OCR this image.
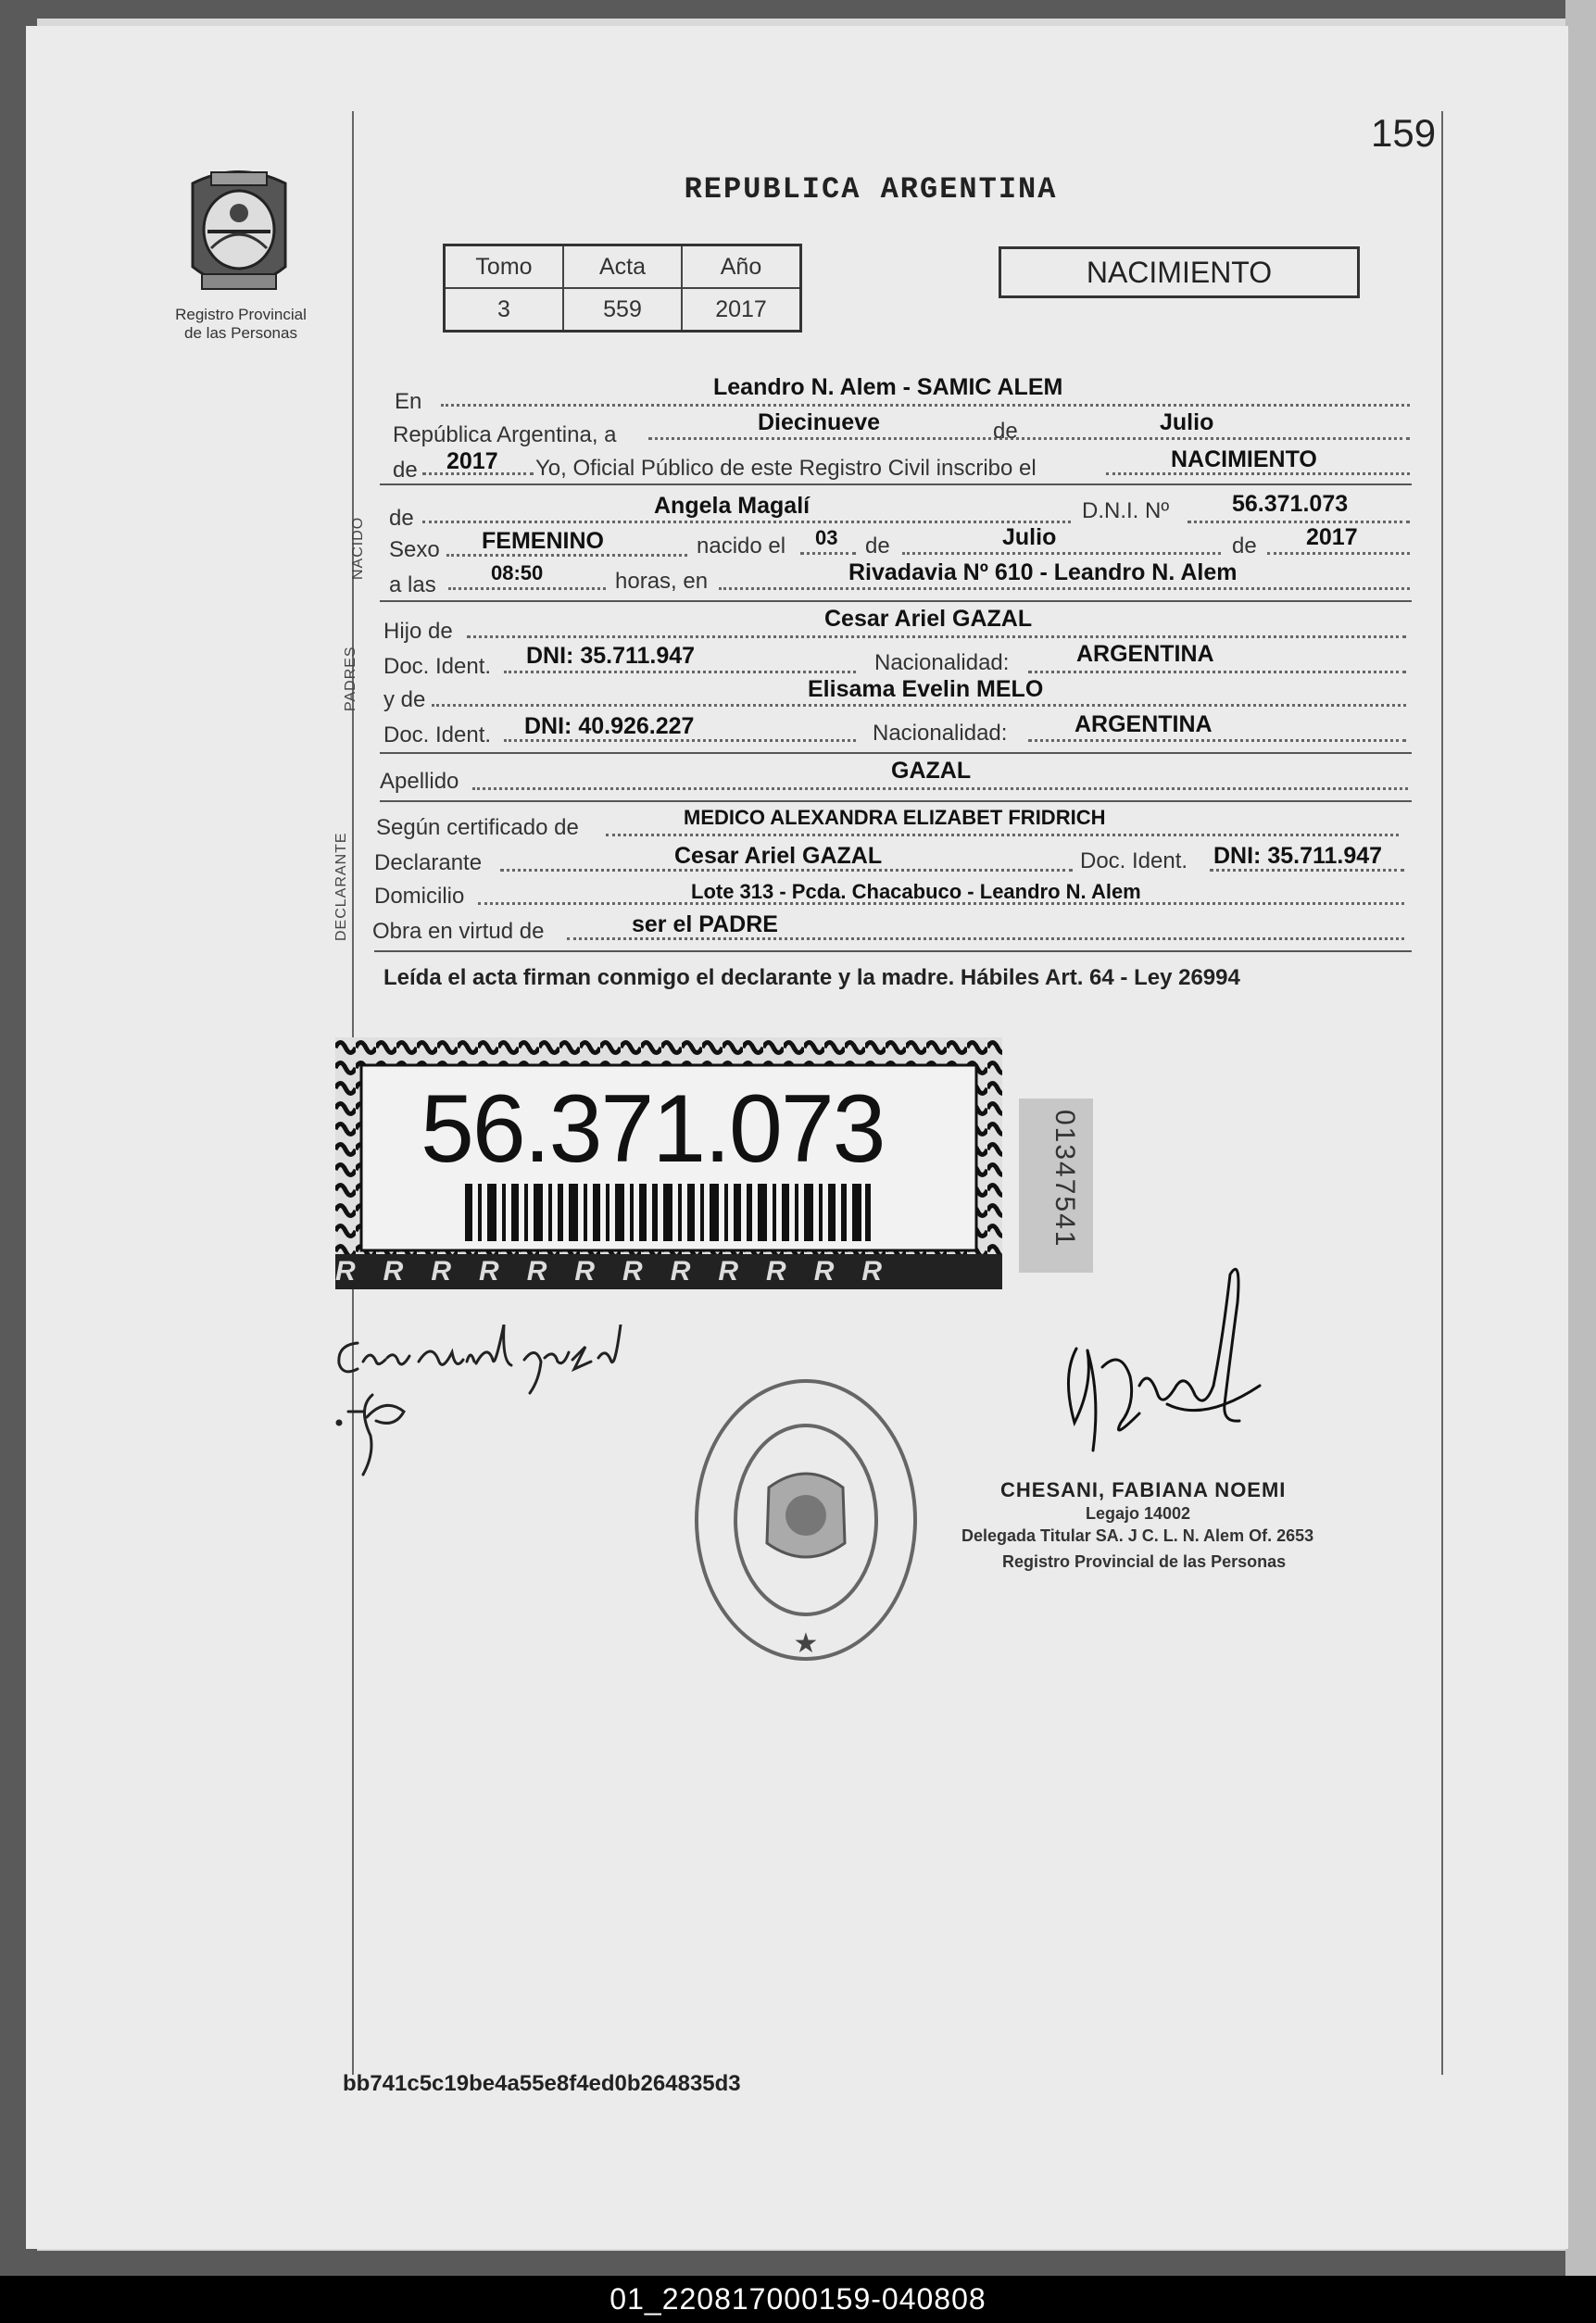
159
Registro Provincial
de las Personas
REPUBLICA ARGENTINA
Tomo	Acta	Año
3	559	2017
NACIMIENTO
En
Leandro N. Alem - SAMIC ALEM
República Argentina, a	Diecinueve	de	Julio
de 2017 Yo, Oficial Público de este Registro Civil inscribo el	NACIMIENTO
NACIDO de	Angela Magalí	D.N.I. Nº	56.371.073
Sexo FEMENINO	nacido el 03 de	Julio	de 2017
a las	08:50	horas, en	Rivadavia Nº 610 - Leandro N. Alem
PADRES
Hijo de	Cesar Ariel GAZAL
Doc. Ident. DNI: 35.711.947	Nacionalidad:	ARGENTINA
y de	Elisama Evelin MELO
Doc. Ident. DNI: 40.926.227	Nacionalidad:	ARGENTINA
Apellido	GAZAL
DECLARANTE
Según certificado de	MEDICO ALEXANDRA ELIZABET FRIDRICH
Declarante	Cesar Ariel GAZAL	Doc. Ident. DNI: 35.711.947
Domicilio	Lote 313 - Pcda. Chacabuco - Leandro N. Alem
Obra en virtud de	ser el PADRE
Leída el acta firman conmigo el declarante y la madre. Hábiles Art. 64 - Ley 26994
56.371.073
RRRRRRRRRRRR
01347541
★
CHESANI, FABIANA NOEMI
Legajo 14002
Delegada Titular SA. J C. L. N. Alem Of. 2653
Registro Provincial de las Personas
bb741c5c19be4a55e8f4ed0b264835d3
01_220817000159-040808
